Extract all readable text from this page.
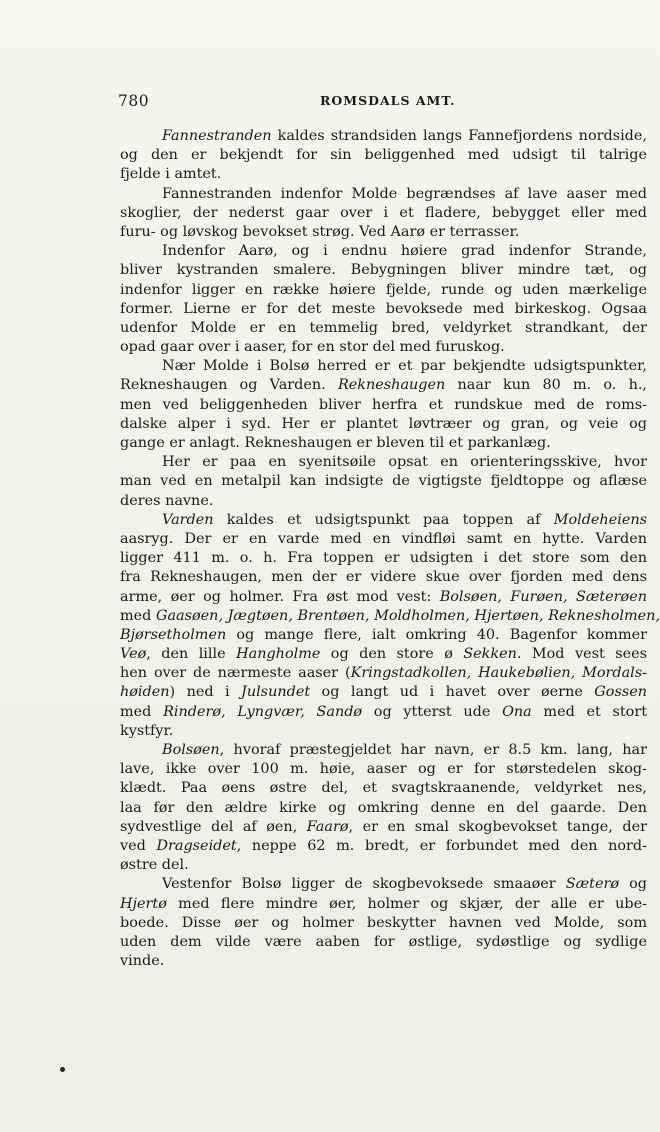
780	ROMSDALS AMT.
Fannestranden kaldes strandsiden langs Fannefjordens nordside,
og den er bekjendt for sin beliggenhed med udsigt til talrige
fjelde i amtet.
Fannestranden indenfor Molde begrændses af lave aaser med
skoglier, der nederst gaar over i et fladere, bebygget eller med
furu- og løvskog bevokset strøg. Ved Aarø er terrasser.
Indenfor Aarø, og i endnu høiere grad indenfor Strande,
bliver kystranden smalere. Bebygningen bliver mindre tæt, og
indenfor ligger en række høiere fjelde, runde og uden mærkelige
former. Lierne er for det meste bevoksede med birkeskog. Ogsaa
udenfor Molde er en temmelig bred, veldyrket strandkant, der
opad gaar over i aaser, for en stor del med furuskog.
Nær Molde i Bolsø herred er et par bekjendte udsigtspunkter,
Rekneshaugen og Varden. Rekneshaugen naar kun 80 m. o. h.,
men ved beliggenheden bliver herfra et rundskue med de roms-
dalske alper i syd. Her er plantet løvtræer og gran, og veie og
gange er anlagt. Rekneshaugen er bleven til et parkanlæg.
Her er paa en syenitsøile opsat en orienteringsskive, hvor
man ved en metalpil kan indsigte de vigtigste fjeldtoppe og aflæse
deres navne.
Varden kaldes et udsigtspunkt paa toppen af Moldeheiens
aasryg. Der er en varde med en vindfløi samt en hytte. Varden
ligger 411 m. o. h. Fra toppen er udsigten i det store som den
fra Rekneshaugen, men der er videre skue over fjorden med dens
arme, øer og holmer. Fra øst mod vest: Bolsøen, Furøen, Sæterøen
med Gaasøen, Jægtøen, Brentøen, Moldholmen, Hjertøen, Reknesholmen,
Bjørsetholmen og mange flere, ialt omkring 40. Bagenfor kommer
Veø, den lille Hangholme og den store ø Sekken. Mod vest sees
hen over de nærmeste aaser (Kringstadkollen, Haukebølien, Mordals-
høiden) ned i Julsundet og langt ud i havet over øerne Gossen
med Rinderø, Lyngvær, Sandø og ytterst ude Ona med et stort
kystfyr.
Bolsøen, hvoraf præstegjeldet har navn, er 8.5 km. lang, har
lave, ikke over 100 m. høie, aaser og er for størstedelen skog-
klædt. Paa øens østre del, et svagtskraanende, veldyrket nes,
laa før den ældre kirke og omkring denne en del gaarde. Den
sydvestlige del af øen, Faarø, er en smal skogbevokset tange, der
ved Dragseidet, neppe 62 m. bredt, er forbundet med den nord-
østre del.
Vestenfor Bolsø ligger de skogbevoksede smaaøer Sæterø og
Hjertø med flere mindre øer, holmer og skjær, der alle er ube-
boede. Disse øer og holmer beskytter havnen ved Molde, som
uden dem vilde være aaben for østlige, sydøstlige og sydlige
vinde.
